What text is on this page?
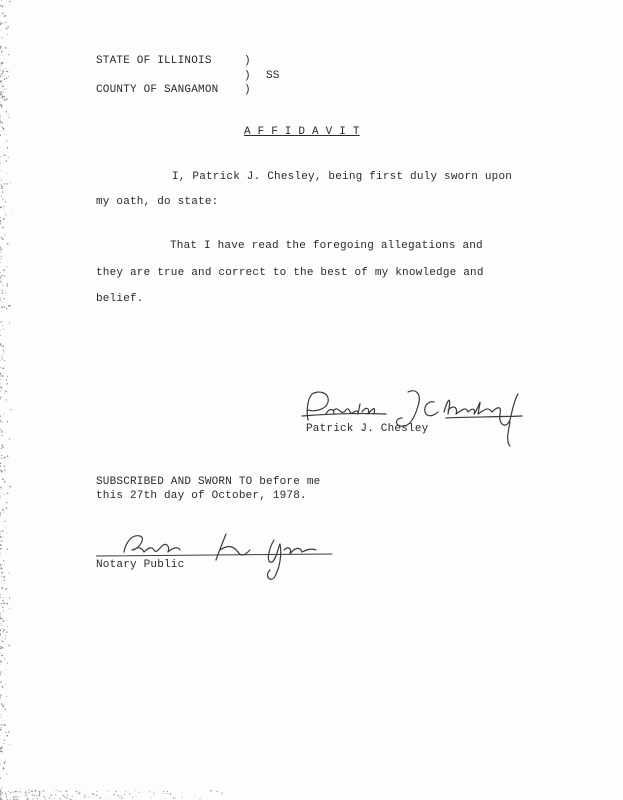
STATE OF ILLINOIS	)
) SS
COUNTY OF SANGAMON )
A F F I D A V I T
I, Patrick J. Chesley, being first duly sworn upon
my oath, do state:
That I have read the foregoing allegations and
they are true and correct to the best of my knowledge and
belief.
Patrick J. Chesley
SUBSCRIBED AND SWORN TO before me
this 27th day of October, 1978.
Notary Public
